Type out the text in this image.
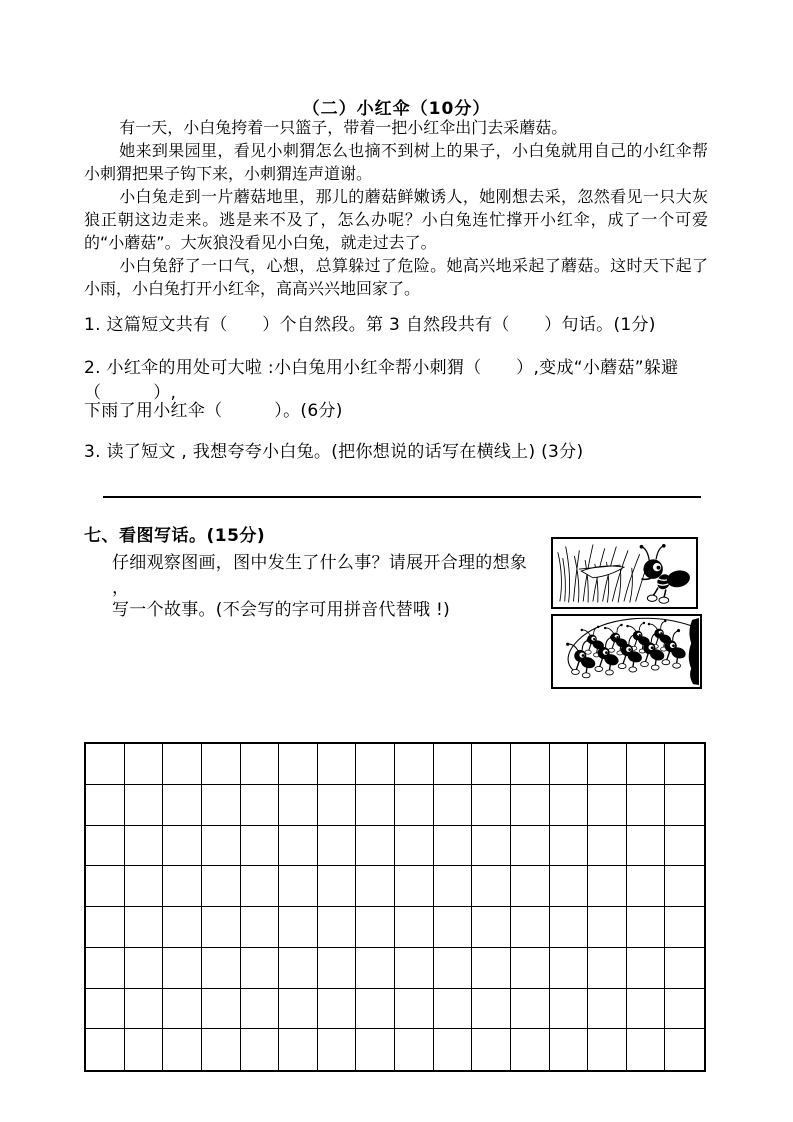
（二）小红伞（10分）

有一天，小白兔挎着一只篮子，带着一把小红伞出门去采蘑菇。

她来到果园里，看见小刺猬怎么也摘不到树上的果子，小白兔就用自己的小红伞帮小刺猬把果子钩下来，小刺猬连声道谢。

小白兔走到一片蘑菇地里，那儿的蘑菇鲜嫩诱人，她刚想去采，忽然看见一只大灰狼正朝这边走来。逃是来不及了，怎么办呢？小白兔连忙撑开小红伞，成了一个可爱的“小蘑菇”。大灰狼没看见小白兔，就走过去了。

小白兔舒了一口气，心想，总算躲过了危险。她高兴地采起了蘑菇。这时天下起了小雨，小白兔打开小红伞，高高兴兴地回家了。

1. 这篇短文共有（　　）个自然段。第 3 自然段共有（　　）句话。(1分)
2. 小红伞的用处可大啦 :小白兔用小红伞帮小刺猬（　　）,变成“小蘑菇”躲避（　　　）,
下雨了用小红伞（　　　）。(6分)
3. 读了短文 , 我想夸夸小白兔。(把你想说的话写在横线上) (3分)
七、看图写话。(15分)
仔细观察图画，图中发生了什么事？请展开合理的想象 ，
写一个故事。(不会写的字可用拼音代替哦 !)
